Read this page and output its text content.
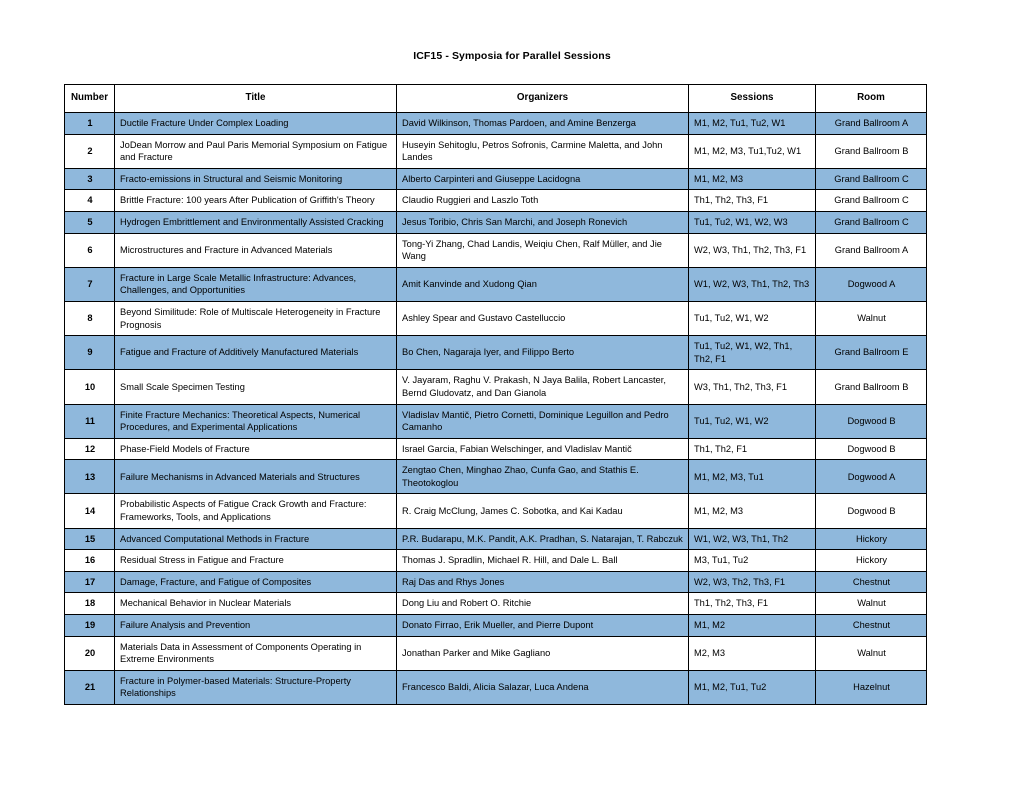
ICF15 - Symposia for Parallel Sessions
Number	Title	Organizers	Sessions	Room
1	Ductile Fracture Under Complex Loading	David Wilkinson, Thomas Pardoen, and Amine Benzerga	M1, M2, Tu1, Tu2, W1	Grand Ballroom A
2	JoDean Morrow and Paul Paris Memorial Symposium on Fatigue and Fracture	Huseyin Sehitoglu, Petros Sofronis, Carmine Maletta, and John Landes	M1, M2, M3, Tu1,Tu2, W1	Grand Ballroom B
3	Fracto-emissions in Structural and Seismic Monitoring	Alberto Carpinteri and Giuseppe Lacidogna	M1, M2, M3	Grand Ballroom C
4	Brittle Fracture: 100 years After Publication of Griffith's Theory	Claudio Ruggieri and Laszlo Toth	Th1, Th2, Th3, F1	Grand Ballroom C
5	Hydrogen Embrittlement and Environmentally Assisted Cracking	Jesus Toribio, Chris San Marchi, and Joseph Ronevich	Tu1, Tu2, W1, W2, W3	Grand Ballroom C
6	Microstructures and Fracture in Advanced Materials	Tong-Yi Zhang, Chad Landis, Weiqiu Chen, Ralf Müller, and Jie Wang	W2, W3, Th1, Th2, Th3, F1	Grand Ballroom A
7	Fracture in Large Scale Metallic Infrastructure: Advances, Challenges, and Opportunities	Amit Kanvinde and Xudong Qian	W1, W2, W3, Th1, Th2, Th3	Dogwood A
8	Beyond Similitude: Role of Multiscale Heterogeneity in Fracture Prognosis	Ashley Spear and Gustavo Castelluccio	Tu1, Tu2, W1, W2	Walnut
9	Fatigue and Fracture of Additively Manufactured Materials	Bo Chen, Nagaraja Iyer, and Filippo Berto	Tu1, Tu2, W1, W2, Th1, Th2, F1	Grand Ballroom E
10	Small Scale Specimen Testing	V. Jayaram, Raghu V. Prakash, N Jaya Balila, Robert Lancaster, Bernd Gludovatz, and Dan Gianola	W3, Th1, Th2, Th3, F1	Grand Ballroom B
11	Finite Fracture Mechanics: Theoretical Aspects, Numerical Procedures, and Experimental Applications	Vladislav Mantič, Pietro Cornetti, Dominique Leguillon and Pedro Camanho	Tu1, Tu2, W1, W2	Dogwood B
12	Phase-Field Models of Fracture	Israel Garcia, Fabian Welschinger, and Vladislav Mantič	Th1, Th2, F1	Dogwood B
13	Failure Mechanisms in Advanced Materials and Structures	Zengtao Chen, Minghao Zhao, Cunfa Gao, and Stathis E. Theotokoglou	M1, M2, M3, Tu1	Dogwood A
14	Probabilistic Aspects of Fatigue Crack Growth and Fracture: Frameworks, Tools, and Applications	R. Craig McClung, James C. Sobotka, and Kai Kadau	M1, M2, M3	Dogwood B
15	Advanced Computational Methods in Fracture	P.R. Budarapu, M.K. Pandit, A.K. Pradhan, S. Natarajan, T. Rabczuk	W1, W2, W3, Th1, Th2	Hickory
16	Residual Stress in Fatigue and Fracture	Thomas J. Spradlin, Michael R. Hill, and Dale L. Ball	M3, Tu1, Tu2	Hickory
17	Damage, Fracture, and Fatigue of Composites	Raj Das and Rhys Jones	W2, W3, Th2, Th3, F1	Chestnut
18	Mechanical Behavior in Nuclear Materials	Dong Liu and Robert O. Ritchie	Th1, Th2, Th3, F1	Walnut
19	Failure Analysis and Prevention	Donato Firrao, Erik Mueller, and Pierre Dupont	M1, M2	Chestnut
20	Materials Data in Assessment of Components Operating in Extreme Environments	Jonathan Parker and Mike Gagliano	M2, M3	Walnut
21	Fracture in Polymer-based Materials: Structure-Property Relationships	Francesco Baldi, Alicia Salazar, Luca Andena	M1, M2, Tu1, Tu2	Hazelnut
